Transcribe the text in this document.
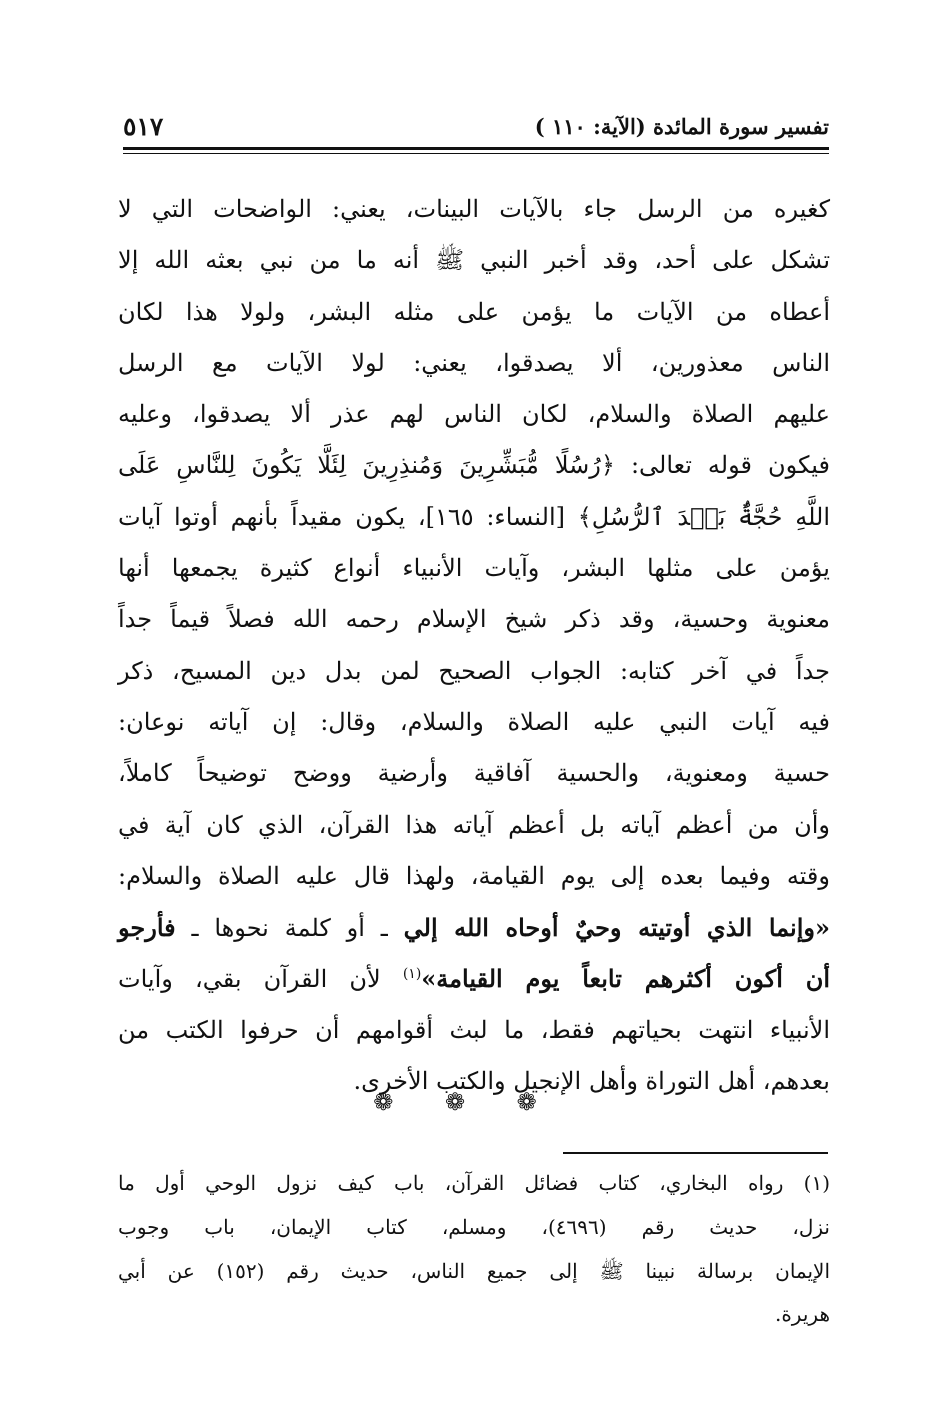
تفسير سورة المائدة (الآية: ١١٠ )
٥١٧
كغيره من الرسل جاء بالآيات البينات، يعني: الواضحات التي لا
تشكل على أحد، وقد أخبر النبي ﷺ أنه ما من نبي بعثه الله إلا
أعطاه من الآيات ما يؤمن على مثله البشر، ولولا هذا لكان
الناس معذورين، ألا يصدقوا، يعني: لولا الآيات مع الرسل
عليهم الصلاة والسلام، لكان الناس لهم عذر ألا يصدقوا، وعليه
فيكون قوله تعالى: ﴿رُسُلًا مُّبَشِّرِينَ وَمُنذِرِينَ لِئَلَّا يَكُونَ لِلنَّاسِ عَلَى
اللَّهِ حُجَّةٌۢ بَعۡدَ ٱلرُّسُلِ﴾ [النساء: ١٦٥]، يكون مقيداً بأنهم أوتوا آيات
يؤمن على مثلها البشر، وآيات الأنبياء أنواع كثيرة يجمعها أنها
معنوية وحسية، وقد ذكر شيخ الإسلام رحمه الله فصلاً قيماً جداً
جداً في آخر كتابه: الجواب الصحيح لمن بدل دين المسيح، ذكر
فيه آيات النبي عليه الصلاة والسلام، وقال: إن آياته نوعان:
حسية ومعنوية، والحسية آفاقية وأرضية ووضح توضيحاً كاملاً،
وأن من أعظم آياته بل أعظم آياته هذا القرآن، الذي كان آية في
وقته وفيما بعده إلى يوم القيامة، ولهذا قال عليه الصلاة والسلام:
«وإنما الذي أوتيته وحيٌ أوحاه الله إلي ـ أو كلمة نحوها ـ فأرجو
أن أكون أكثرهم تابعاً يوم القيامة»$^{(١)}$ لأن القرآن بقي، وآيات
الأنبياء انتهت بحياتهم فقط، ما لبث أقوامهم أن حرفوا الكتب من
بعدهم، أهل التوراة وأهل الإنجيل والكتب الأخرى.
❁ ❁ ❁
(١) رواه البخاري، كتاب فضائل القرآن، باب كيف نزول الوحي أول ما
نزل، حديث رقم (٤٦٩٦)، ومسلم، كتاب الإيمان، باب وجوب
الإيمان برسالة نبينا ﷺ إلى جميع الناس، حديث رقم (١٥٢) عن أبي
هريرة.
